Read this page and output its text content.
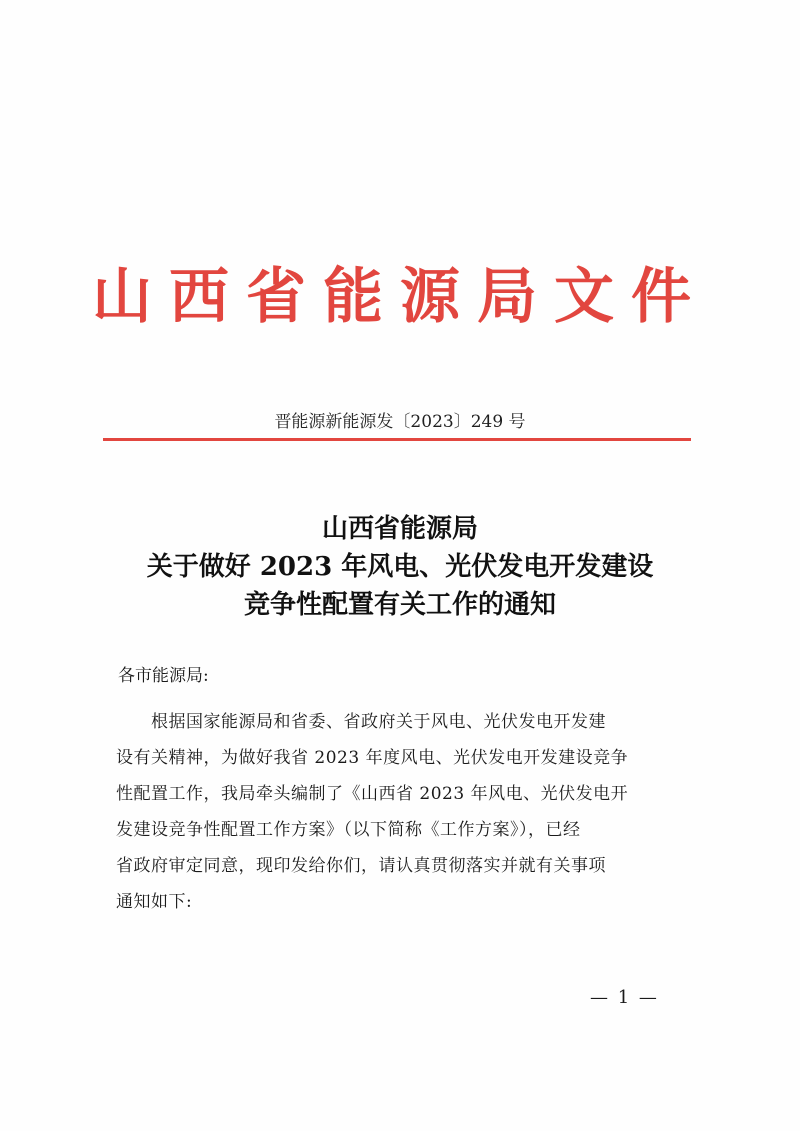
山西省能源局文件
晋能源新能源发〔2023〕249 号
山西省能源局
关于做好 2023 年风电、光伏发电开发建设
竞争性配置有关工作的通知
各市能源局:
　　根据国家能源局和省委、省政府关于风电、光伏发电开发建
设有关精神，为做好我省 2023 年度风电、光伏发电开发建设竞争
性配置工作，我局牵头编制了《山西省 2023 年风电、光伏发电开
发建设竞争性配置工作方案》（以下简称《工作方案》），已经
省政府审定同意，现印发给你们，请认真贯彻落实并就有关事项
通知如下:
— 1 —
